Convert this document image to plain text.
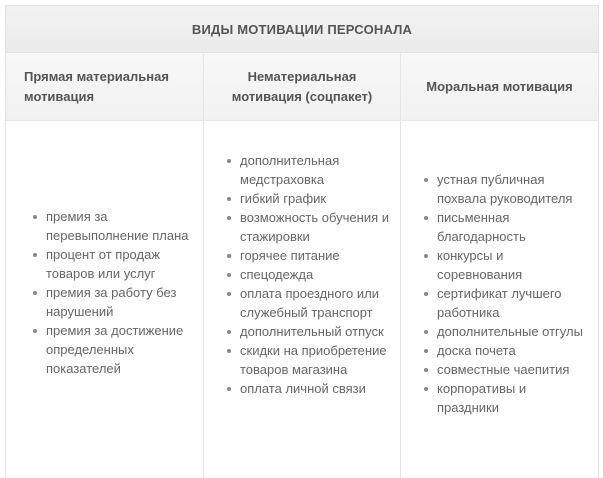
ВИДЫ МОТИВАЦИИ ПЕРСОНАЛА
Прямая материальная мотивация
Нематериальная мотивация (соцпакет)
Моральная мотивация
премия за перевыполнение плана
процент от продаж товаров или услуг
премия за работу без нарушений
премия за достижение определенных показателей
дополнительная медстраховка
гибкий график
возможность обучения и стажировки
горячее питание
спецодежда
оплата проездного или служебный транспорт
дополнительный отпуск
скидки на приобретение товаров магазина
оплата личной связи
устная публичная похвала руководителя
письменная благодарность
конкурсы и соревнования
сертификат лучшего работника
дополнительные отгулы
доска почета
совместные чаепития
корпоративы и праздники
